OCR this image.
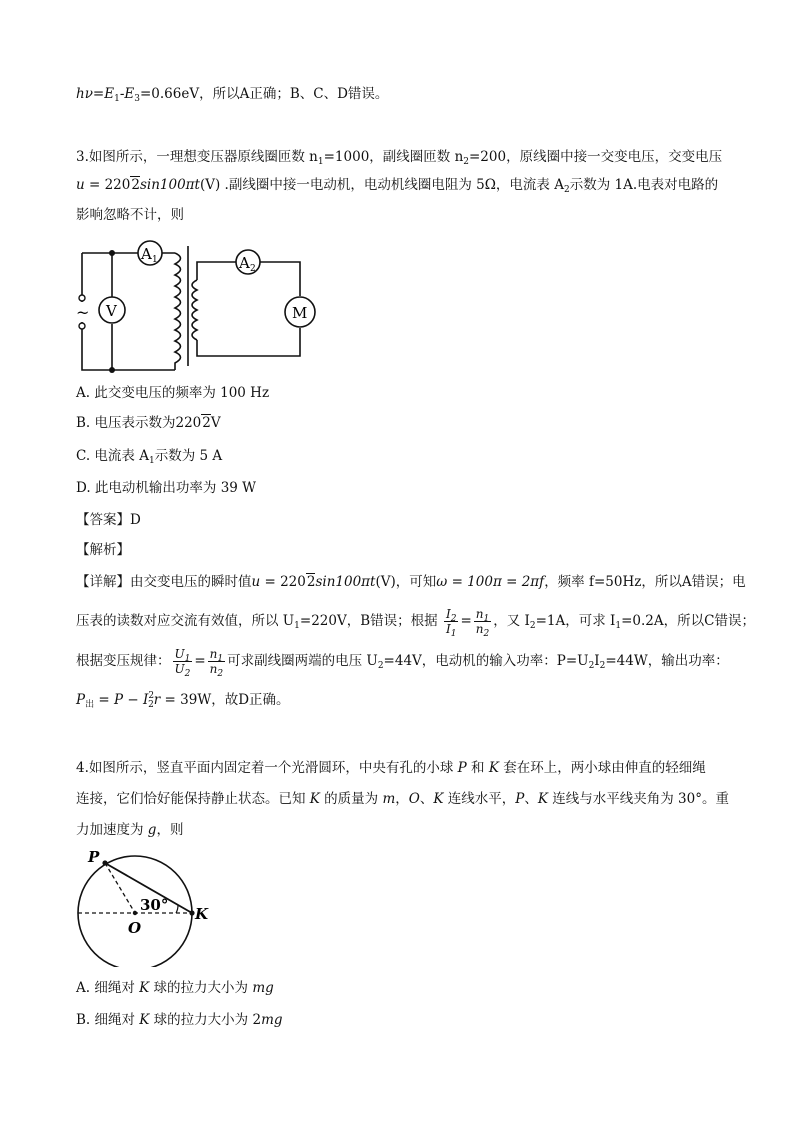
$h\nu=E_1-E_3=0.66eV$，所以A正确；B、C、D错误。
3.如图所示，一理想变压器原线圈匝数 $n_1=1000$，副线圈匝数 $n_2=200$，原线圈中接一交变电压，交变电压
u = 2202sin100πt(V) .副线圈中接一电动机，电动机线圈电阻为 5Ω，电流表 $A_2$示数为 1A.电表对电路的
影响忽略不计，则
~
A 1
V
A 2
M
A. 此交变电压的频率为 100 Hz
B. 电压表示数为2202V
C. 电流表 $A_1$示数为 5 A
D. 此电动机输出功率为 39 W
【答案】D
【解析】
【详解】由交变电压的瞬时值u = 2202sin100πt(V)，可知ω = 100π = 2πf，频率 f=50Hz，所以A错误；电
压表的读数对应交流有效值，所以 $U_1=220V$，B错误；根据 $\frac{I_2}{I_1} = \frac{n_1}{n_2}$ ，又 $I_2=1A$，可求 $I_1=0.2A$，所以C错误；
根据变压规律： $\frac{U_1}{U_2} = \frac{n_1}{n_2}$ 可求副线圈两端的电压 $U_2=44V$，电动机的输入功率：$P=U_2I_2=44W$，输出功率：
$P_出 = P - I^2_2r = 39W$，故D正确。
4.如图所示，竖直平面内固定着一个光滑圆环，中央有孔的小球 P 和 K 套在环上，两小球由伸直的轻细绳
连接，它们恰好能保持静止状态。已知 K 的质量为 m，O、K 连线水平，P、K 连线与水平线夹角为 30°。重
力加速度为 g，则
P
O
K
30°
A. 细绳对 K 球的拉力大小为 mg
B. 细绳对 K 球的拉力大小为 2mg
